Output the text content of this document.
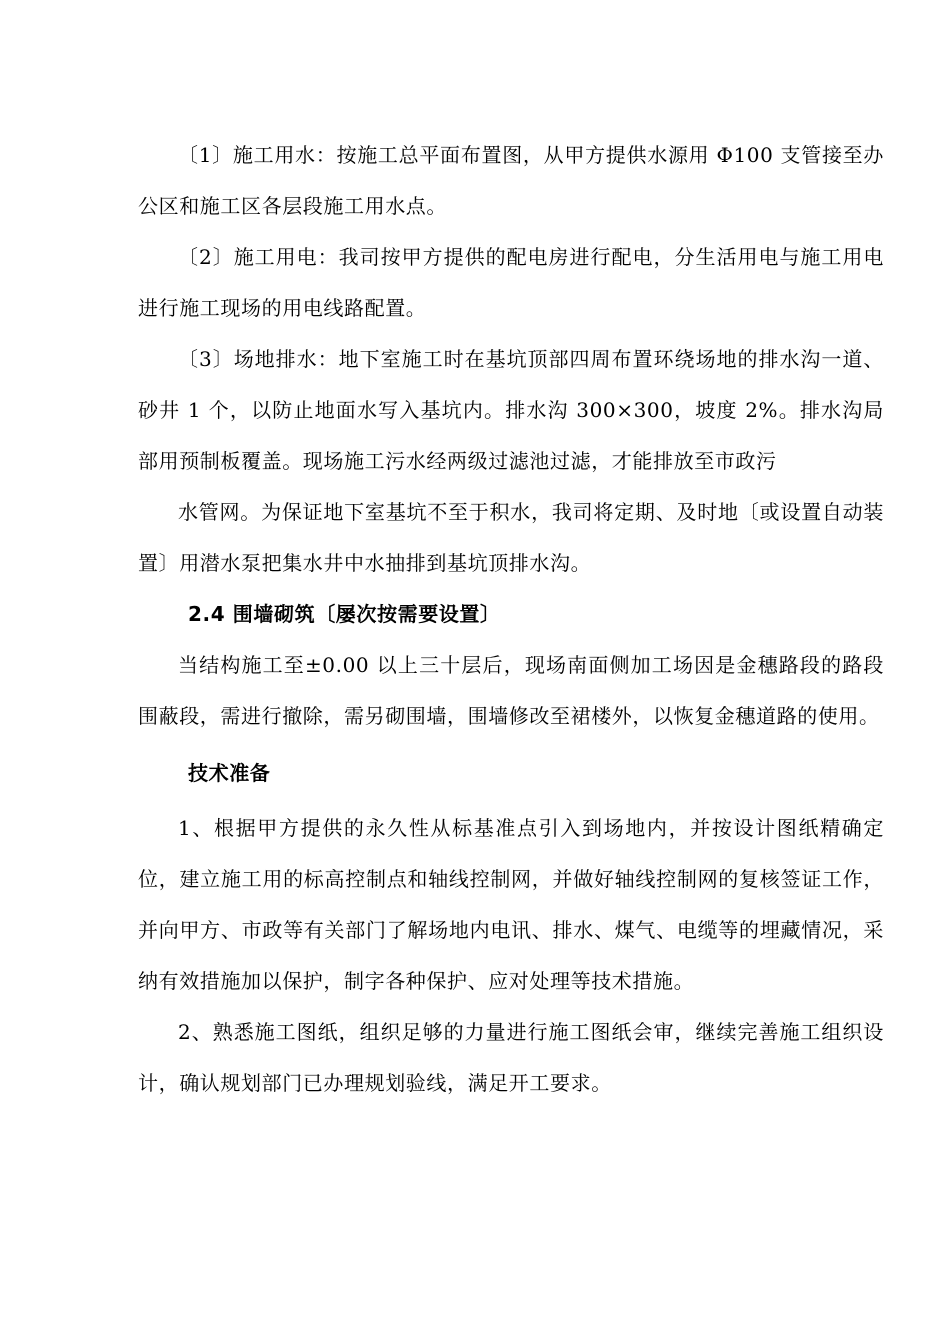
〔1〕施工用水：按施工总平面布置图，从甲方提供水源用 Φ100 支管接至办公区和施工区各层段施工用水点。

〔2〕施工用电：我司按甲方提供的配电房进行配电，分生活用电与施工用电进行施工现场的用电线路配置。

〔3〕场地排水：地下室施工时在基坑顶部四周布置环绕场地的排水沟一道、砂井 1 个，以防止地面水写入基坑内。排水沟 300×300，坡度 2%。排水沟局部用预制板覆盖。现场施工污水经两级过滤池过滤，才能排放至市政污

水管网。为保证地下室基坑不至于积水，我司将定期、及时地〔或设置自动装置〕用潜水泵把集水井中水抽排到基坑顶排水沟。

2.4 围墙砌筑〔屡次按需要设置〕

当结构施工至±0.00 以上三十层后，现场南面侧加工场因是金穗路段的路段围蔽段，需进行撤除，需另砌围墙，围墙修改至裙楼外，以恢复金穗道路的使用。

技术准备

1、根据甲方提供的永久性从标基准点引入到场地内，并按设计图纸精确定位，建立施工用的标高控制点和轴线控制网，并做好轴线控制网的复核签证工作，并向甲方、市政等有关部门了解场地内电讯、排水、煤气、电缆等的埋藏情况，采纳有效措施加以保护，制字各种保护、应对处理等技术措施。

2、熟悉施工图纸，组织足够的力量进行施工图纸会审，继续完善施工组织设计，确认规划部门已办理规划验线，满足开工要求。
